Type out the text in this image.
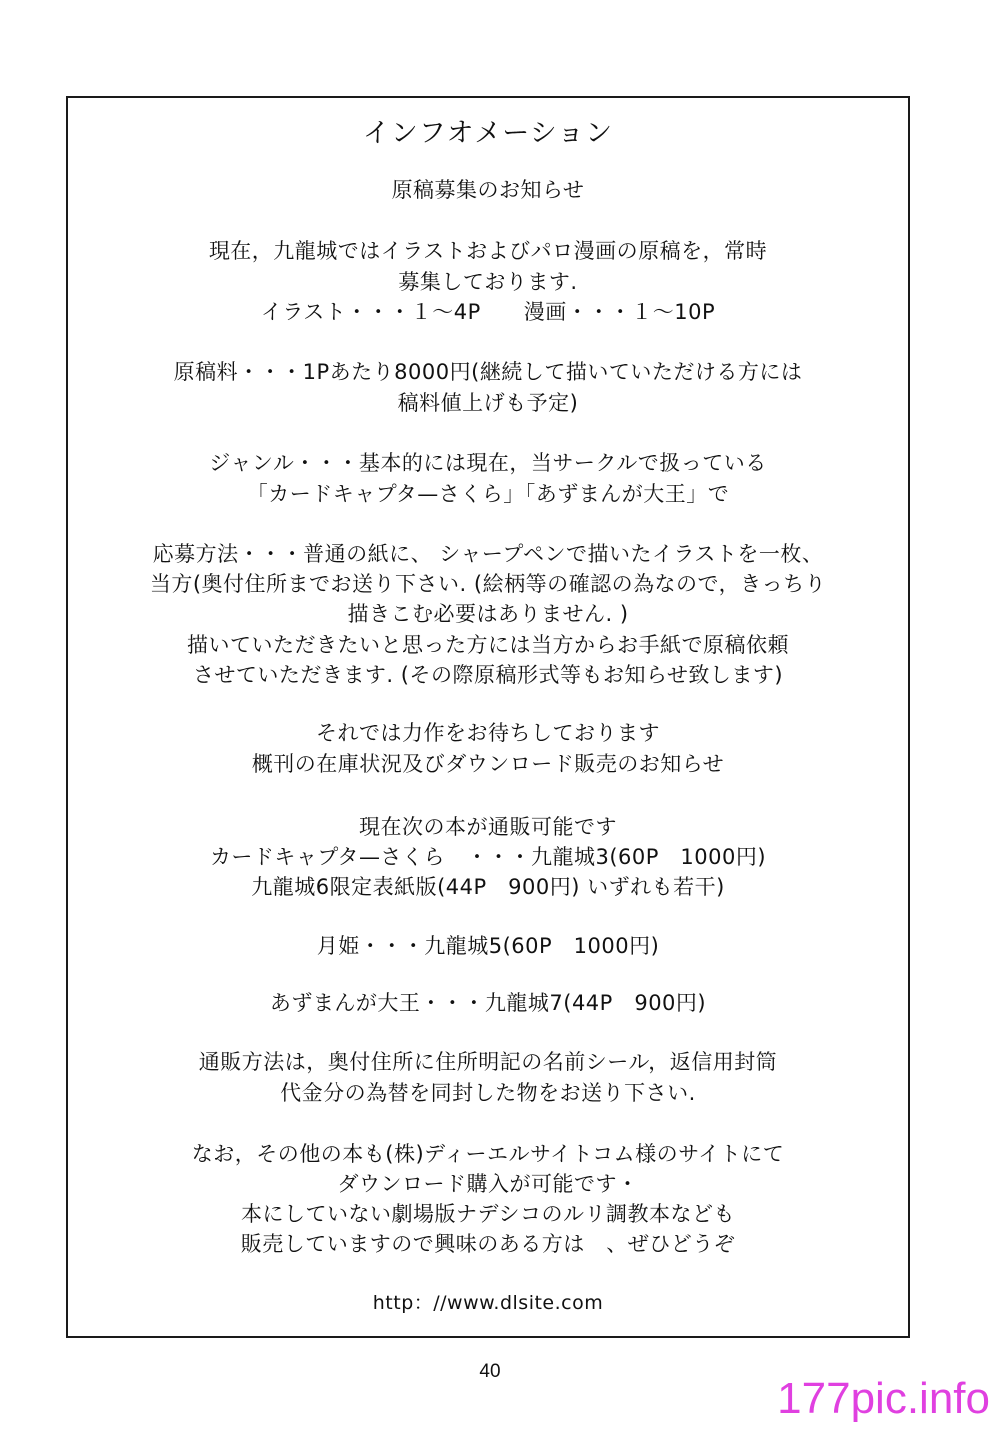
インフオメーション
原稿募集のお知らせ
現在，九龍城ではイラストおよびパロ漫画の原稿を，常時
募集しております.
イラスト・・・１〜4P　　漫画・・・１〜10P
原稿料・・・1Pあたり8000円(継続して描いていただける方には
稿料値上げも予定)
ジャンル・・・基本的には現在，当サークルで扱っている
「カードキャプタ—さくら」「あずまんが大王」で
応募方法・・・普通の紙に、 シャープペンで描いたイラストを一枚、
当方(奥付住所までお送り下さい. (絵柄等の確認の為なので，きっちり
描きこむ必要はありません. )
描いていただきたいと思った方には当方からお手紙で原稿依頼
させていただきます. (その際原稿形式等もお知らせ致します)
それでは力作をお待ちしております
概刊の在庫状況及びダウンロード販売のお知らせ
現在次の本が通販可能です
カードキャプタ—さくら　・・・九龍城3(60P　1000円)
九龍城6限定表紙版(44P　900円) いずれも若干)
月姫・・・九龍城5(60P　1000円)
あずまんが大王・・・九龍城7(44P　900円)
通販方法は，奥付住所に住所明記の名前シール，返信用封筒
代金分の為替を同封した物をお送り下さい.
なお，その他の本も(株)ディーエルサイトコム様のサイトにて
ダウンロード購入が可能です・
本にしていない劇場版ナデシコのルリ調教本なども
販売していますので興味のある方は　、ぜひどうぞ
http：//www.dlsite.com
40
177pic.info
